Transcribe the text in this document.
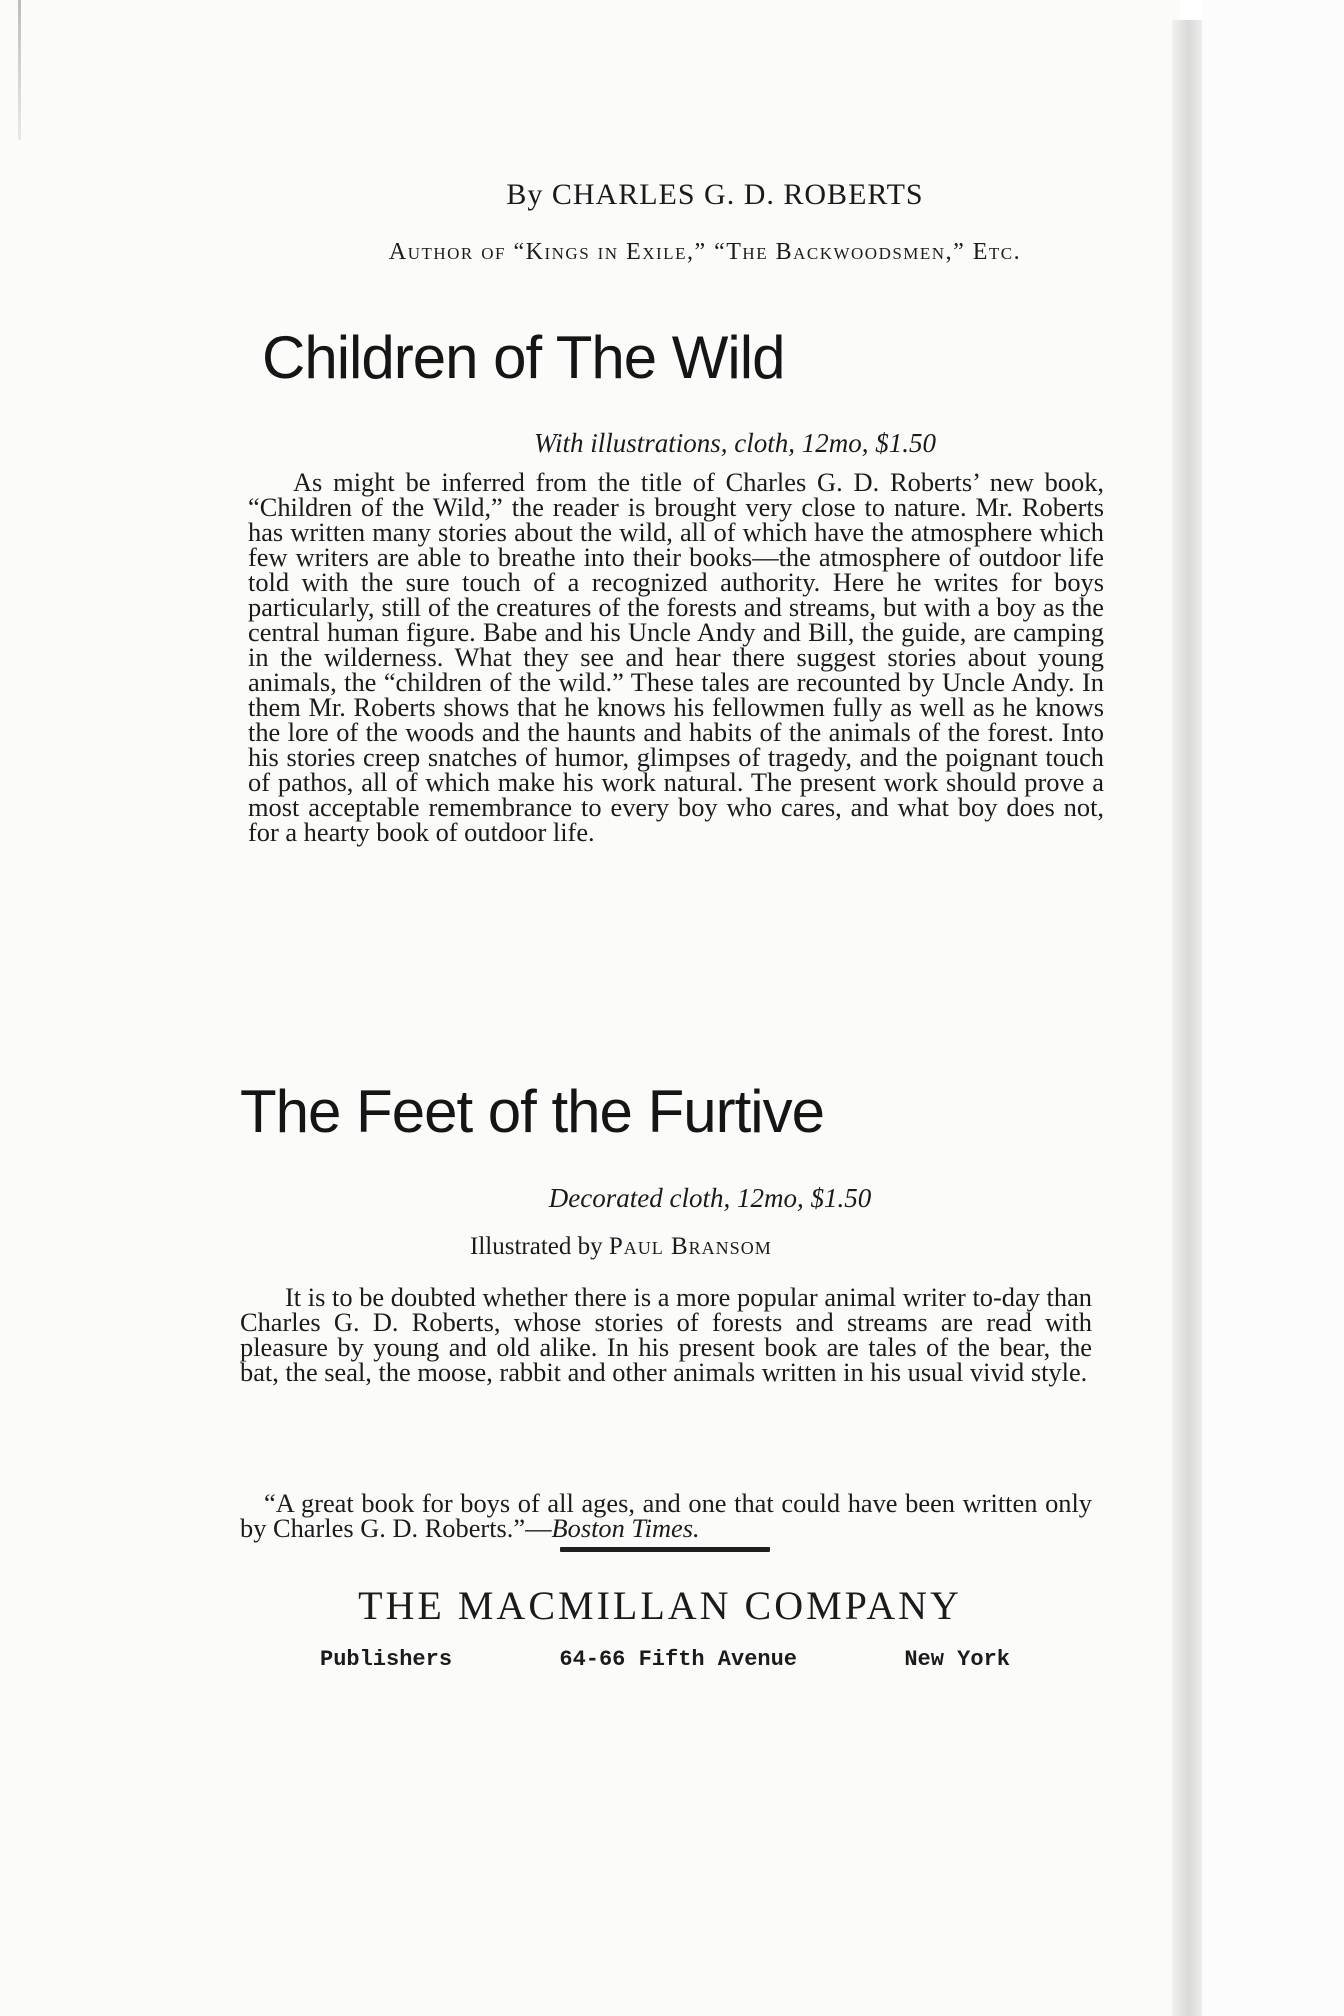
By CHARLES G. D. ROBERTS
Author of “Kings in Exile,” “The Backwoodsmen,” Etc.
Children of The Wild
With illustrations, cloth, 12mo, $1.50

As might be inferred from the title of Charles G. D. Roberts’ new book, “Children of the Wild,” the reader is brought very close to nature. Mr. Roberts has written many stories about the wild, all of which have the atmosphere which few writers are able to breathe into their books—the atmosphere of outdoor life told with the sure touch of a recognized authority. Here he writes for boys particularly, still of the creatures of the forests and streams, but with a boy as the central human figure. Babe and his Uncle Andy and Bill, the guide, are camping in the wilderness. What they see and hear there suggest stories about young animals, the “children of the wild.” These tales are recounted by Uncle Andy. In them Mr. Roberts shows that he knows his fellowmen fully as well as he knows the lore of the woods and the haunts and habits of the animals of the forest. Into his stories creep snatches of humor, glimpses of tragedy, and the poignant touch of pathos, all of which make his work natural. The present work should prove a most acceptable remembrance to every boy who cares, and what boy does not, for a hearty book of outdoor life.

The Feet of the Furtive
Decorated cloth, 12mo, $1.50
Illustrated by Paul Bransom

It is to be doubted whether there is a more popular animal writer to-day than Charles G. D. Roberts, whose stories of forests and streams are read with pleasure by young and old alike. In his present book are tales of the bear, the bat, the seal, the moose, rabbit and other animals written in his usual vivid style.

“A great book for boys of all ages, and one that could have been written only by Charles G. D. Roberts.”—Boston Times.

THE MACMILLAN COMPANY
Publishers	64-66 Fifth Avenue	New York
